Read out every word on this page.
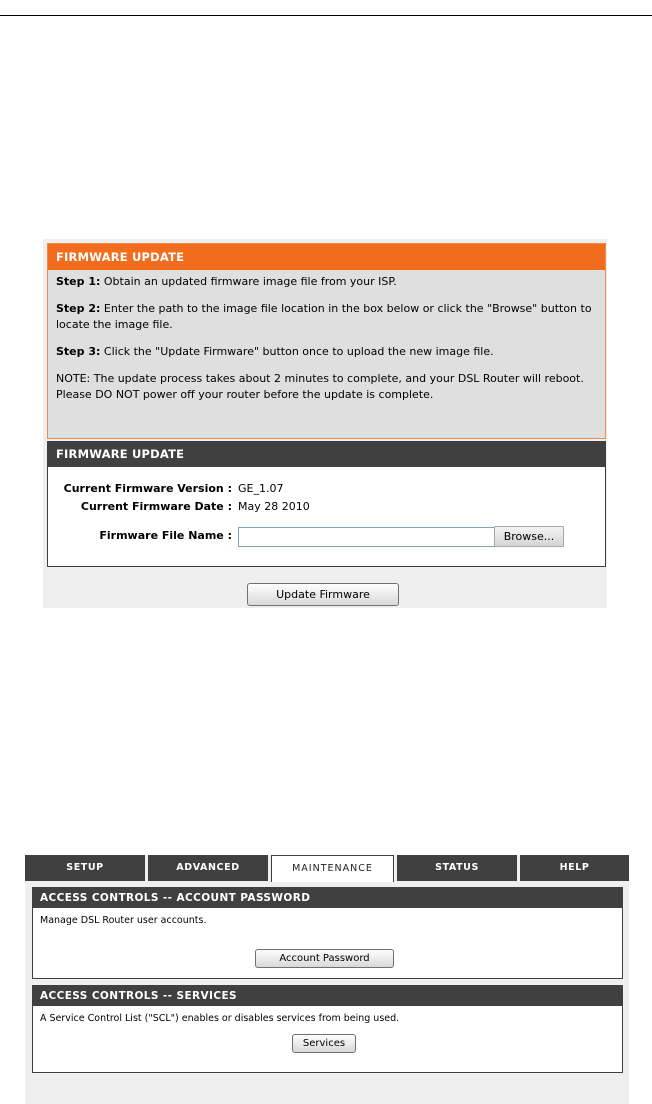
FIRMWARE UPDATE

Step 1: Obtain an updated firmware image file from your ISP.

Step 2: Enter the path to the image file location in the box below or click the "Browse" button to locate the image file.

Step 3: Click the "Update Firmware" button once to upload the new image file.

NOTE: The update process takes about 2 minutes to complete, and your DSL Router will reboot. Please DO NOT power off your router before the update is complete.

FIRMWARE UPDATE
Current Firmware Version : GE_1.07
Current Firmware Date : May 28 2010
Firmware File Name :	Browse...
Update Firmware
SETUP	ADVANCED	MAINTENANCE	STATUS	HELP
ACCESS CONTROLS -- ACCOUNT PASSWORD
Manage DSL Router user accounts.
Account Password
ACCESS CONTROLS -- SERVICES
A Service Control List ("SCL") enables or disables services from being used.
Services
